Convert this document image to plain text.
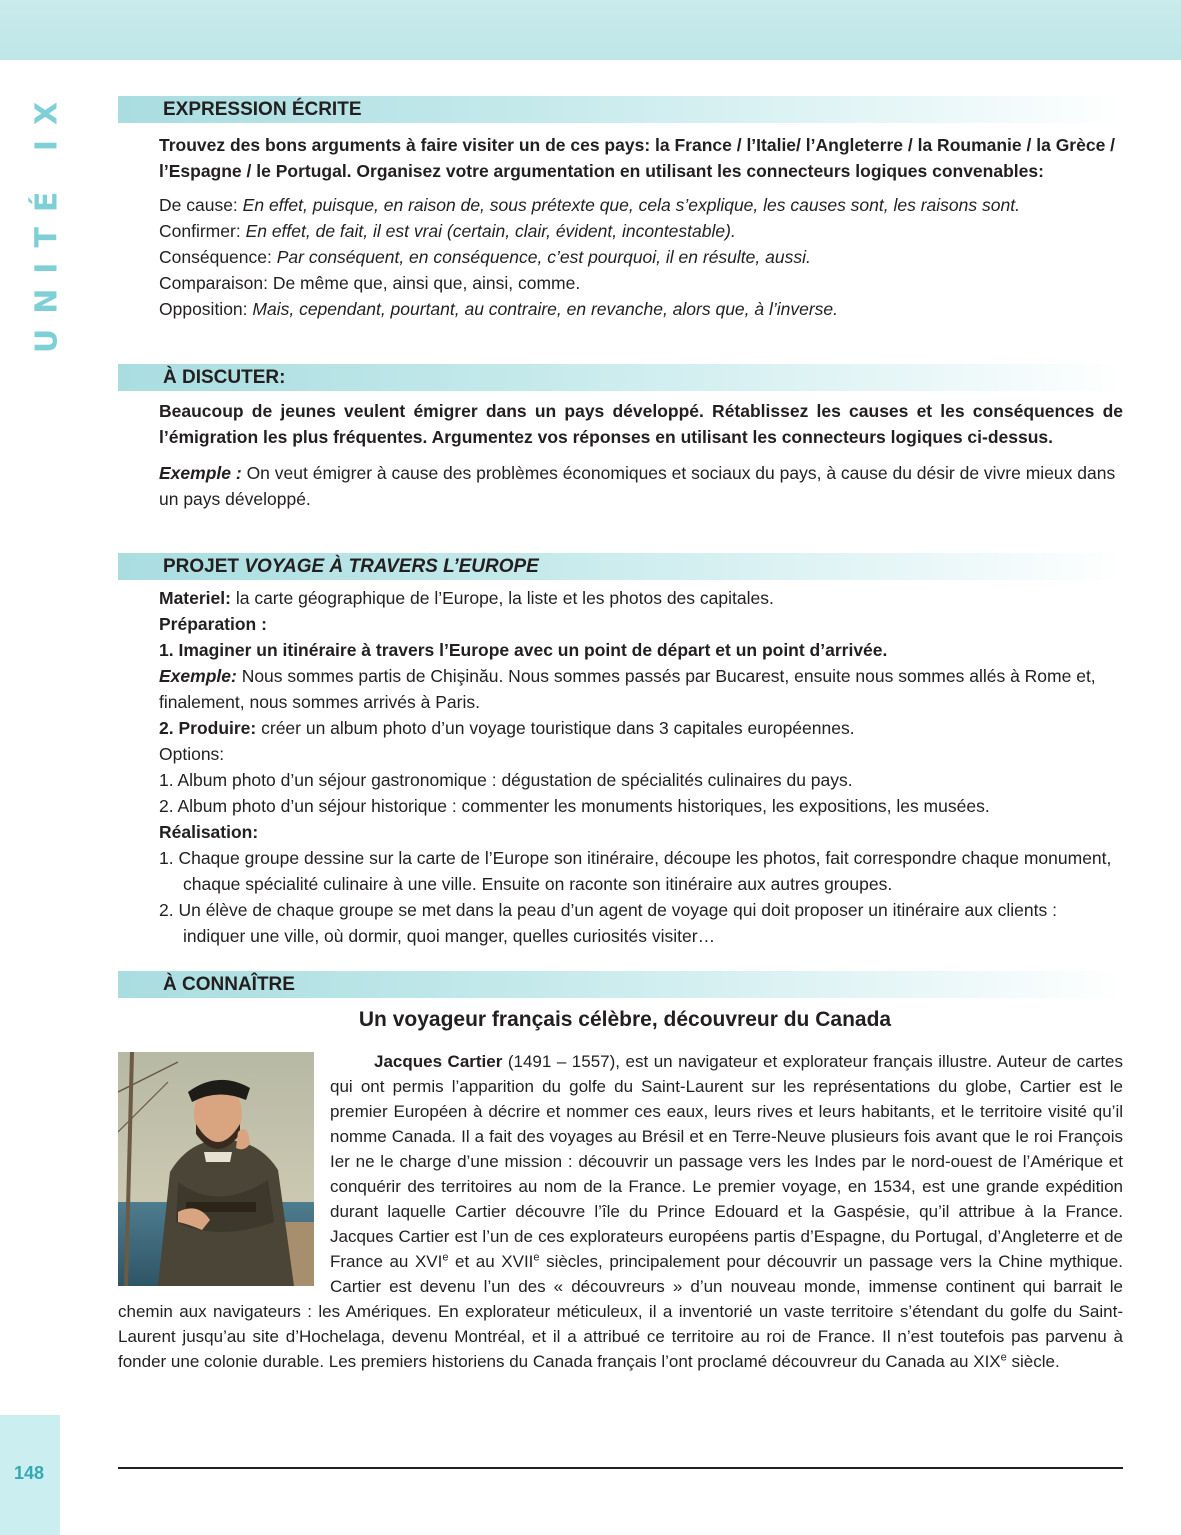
UNITÉ IX	EXPRESSION ÉCRITE

Trouvez des bons arguments à faire visiter un de ces pays: la France / l’Italie/ l’Angleterre / la Roumanie / la Grèce / l’Espagne / le Portugal. Organisez votre argumentation en utilisant les connecteurs logiques convenables:

De cause: En effet, puisque, en raison de, sous prétexte que, cela s’explique, les causes sont, les raisons sont.

Confirmer: En effet, de fait, il est vrai (certain, clair, évident, incontestable).

Conséquence: Par conséquent, en conséquence, c’est pourquoi, il en résulte, aussi.

Comparaison: De même que, ainsi que, ainsi, comme.

Opposition: Mais, cependant, pourtant, au contraire, en revanche, alors que, à l’inverse.

À DISCUTER:

Beaucoup de jeunes veulent émigrer dans un pays développé. Rétablissez les causes et les conséquences de l’émigration les plus fréquentes. Argumentez vos réponses en utilisant les connecteurs logiques ci-dessus.

Exemple : On veut émigrer à cause des problèmes économiques et sociaux du pays, à cause du désir de vivre mieux dans un pays développé.

PROJET VOYAGE À TRAVERS L’EUROPE

Materiel: la carte géographique de l’Europe, la liste et les photos des capitales.

Préparation :

1. Imaginer un itinéraire à travers l’Europe avec un point de départ et un point d’arrivée.

Exemple: Nous sommes partis de Chişinău. Nous sommes passés par Bucarest, ensuite nous sommes allés à Rome et, finalement, nous sommes arrivés à Paris.

2. Produire: créer un album photo d’un voyage touristique dans 3 capitales européennes.

Options:

1. Album photo d’un séjour gastronomique : dégustation de spécialités culinaires du pays.

2. Album photo d’un séjour historique : commenter les monuments historiques, les expositions, les musées.

Réalisation:

1. Chaque groupe dessine sur la carte de l’Europe son itinéraire, découpe les photos, fait correspondre chaque monument, chaque spécialité culinaire à une ville. Ensuite on raconte son itinéraire aux autres groupes.

2. Un élève de chaque groupe se met dans la peau d’un agent de voyage qui doit proposer un itinéraire aux clients : indiquer une ville, où dormir, quoi manger, quelles curiosités visiter…

À CONNAÎTRE
Un voyageur français célèbre, découvreur du Canada

Jacques Cartier (1491 – 1557), est un navigateur et explorateur français illustre. Auteur de cartes qui ont permis l’apparition du golfe du Saint-Laurent sur les représentations du globe, Cartier est le premier Européen à décrire et nommer ces eaux, leurs rives et leurs habitants, et le territoire visité qu’il nomme Canada. Il a fait des voyages au Brésil et en Terre-Neuve plusieurs fois avant que le roi François Ier ne le charge d’une mission : découvrir un passage vers les Indes par le nord-ouest de l’Amérique et conquérir des territoires au nom de la France. Le premier voyage, en 1534, est une grande expédition durant laquelle Cartier découvre l’île du Prince Edouard et la Gaspésie, qu’il attribue à la France. Jacques Cartier est l’un de ces explorateurs européens partis d’Espagne, du Portugal, d’Angleterre et de France au XVIe et au XVIIe siècles, principalement pour découvrir un passage vers la Chine mythique. Cartier est devenu l’un des « découvreurs » d’un nouveau monde, immense continent qui barrait le chemin aux navigateurs : les Amériques. En explorateur méticuleux, il a inventorié un vaste territoire s’étendant du golfe du Saint-Laurent jusqu’au site d’Hochelaga, devenu Montréal, et il a attribué ce territoire au roi de France. Il n’est toutefois pas parvenu à fonder une colonie durable. Les premiers historiens du Canada français l’ont proclamé découvreur du Canada au XIXe siècle.

148
